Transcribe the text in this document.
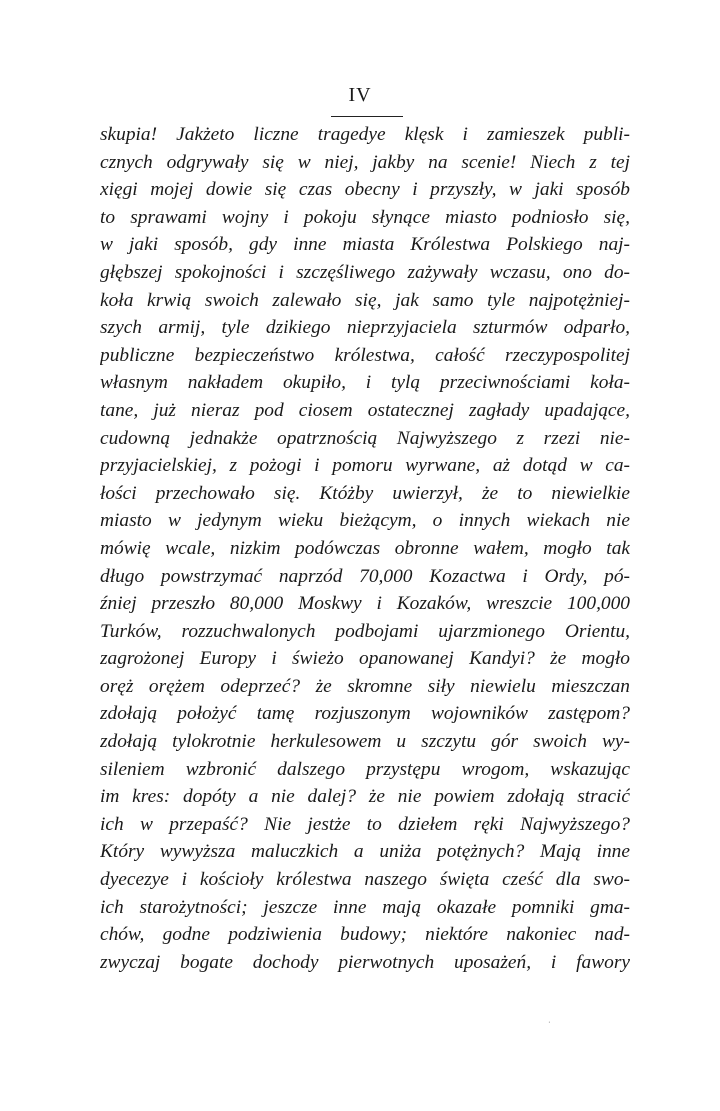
IV
skupia! Jakżeto liczne tragedye klęsk i zamieszek publi-
cznych odgrywały się w niej, jakby na scenie! Niech z tej
xięgi mojej dowie się czas obecny i przyszły, w jaki sposób
to sprawami wojny i pokoju słynące miasto podniosło się,
w jaki sposób, gdy inne miasta Królestwa Polskiego naj-
głębszej spokojności i szczęśliwego zażywały wczasu, ono do-
koła krwią swoich zalewało się, jak samo tyle najpotężniej-
szych armij, tyle dzikiego nieprzyjaciela szturmów odparło,
publiczne bezpieczeństwo królestwa, całość rzeczypospolitej
własnym nakładem okupiło, i tylą przeciwnościami koła-
tane, już nieraz pod ciosem ostatecznej zagłady upadające,
cudowną jednakże opatrznością Najwyższego z rzezi nie-
przyjacielskiej, z pożogi i pomoru wyrwane, aż dotąd w ca-
łości przechowało się. Któżby uwierzył, że to niewielkie
miasto w jedynym wieku bieżącym, o innych wiekach nie
mówię wcale, nizkim podówczas obronne wałem, mogło tak
długo powstrzymać naprzód 70,000 Kozactwa i Ordy, pó-
źniej przeszło 80,000 Moskwy i Kozaków, wreszcie 100,000
Turków, rozzuchwalonych podbojami ujarzmionego Orientu,
zagrożonej Europy i świeżo opanowanej Kandyi? że mogło
oręż orężem odeprzeć? że skromne siły niewielu mieszczan
zdołają położyć tamę rozjuszonym wojowników zastępom?
zdołają tylokrotnie herkulesowem u szczytu gór swoich wy-
sileniem wzbronić dalszego przystępu wrogom, wskazując
im kres: dopóty a nie dalej? że nie powiem zdołają stracić
ich w przepaść? Nie jestże to dziełem ręki Najwyższego?
Który wywyższa maluczkich a uniża potężnych? Mają inne
dyecezye i kościoły królestwa naszego święta cześć dla swo-
ich starożytności; jeszcze inne mają okazałe pomniki gma-
chów, godne podziwienia budowy; niektóre nakoniec nad-
zwyczaj bogate dochody pierwotnych uposażeń, i fawory
⋅
